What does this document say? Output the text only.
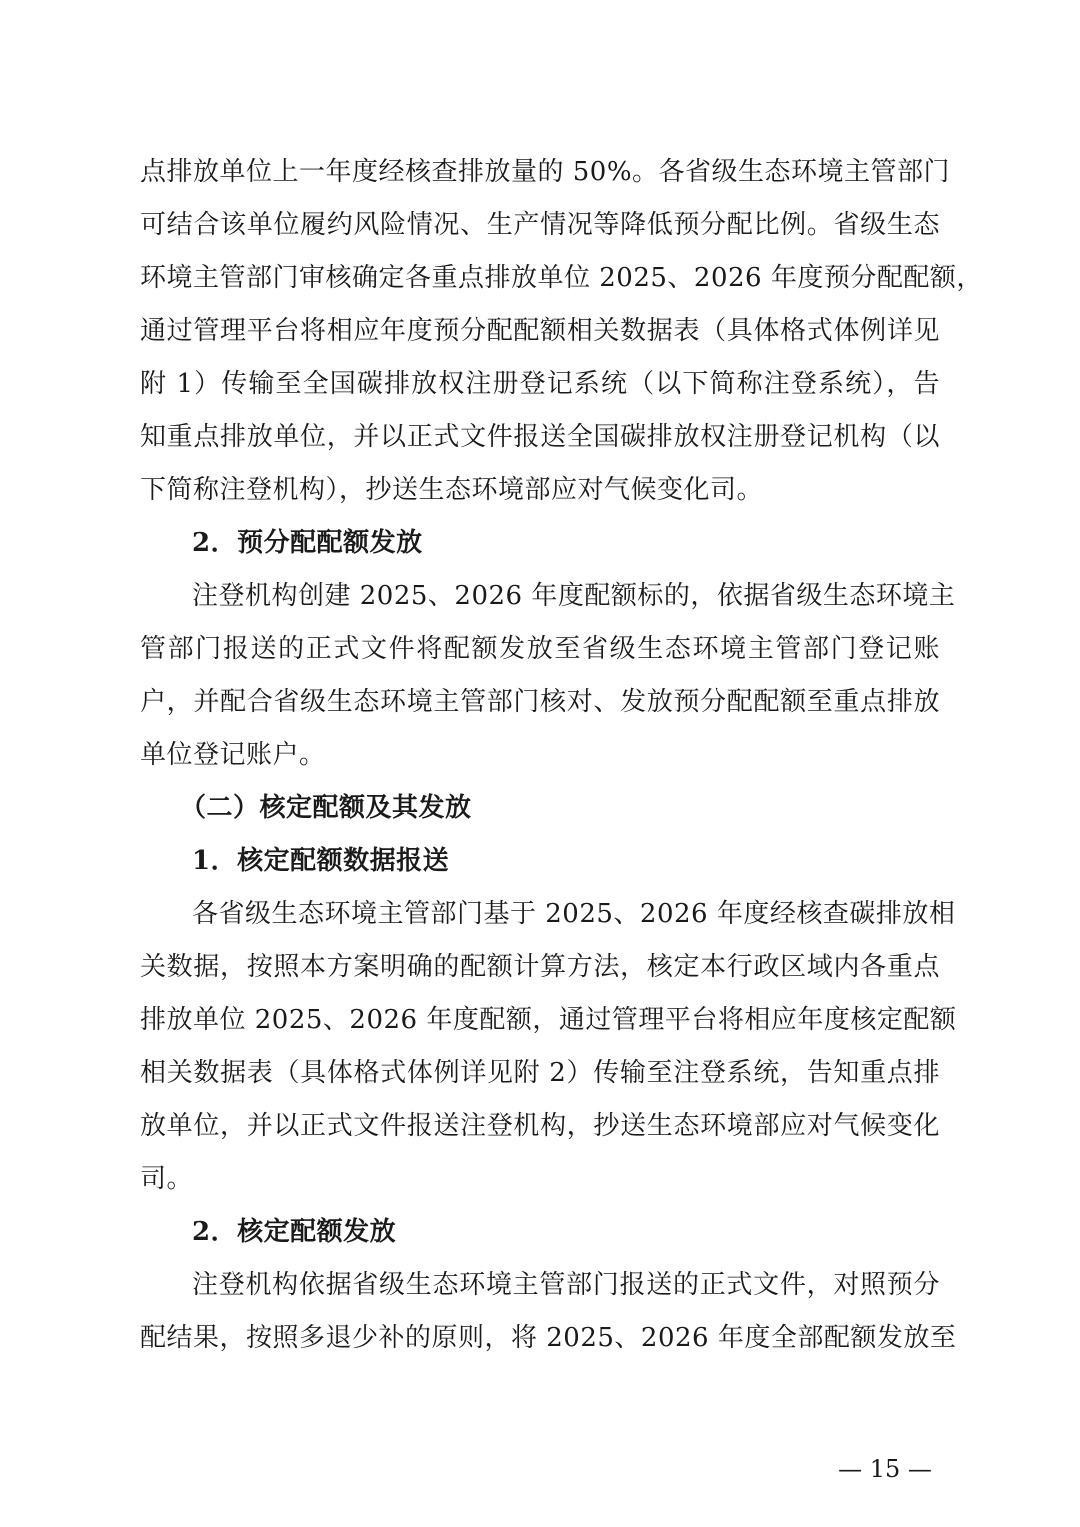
点排放单位上一年度经核查排放量的 50%。各省级生态环境主管部门
可结合该单位履约风险情况、生产情况等降低预分配比例。省级生态
环境主管部门审核确定各重点排放单位 2025、2026 年度预分配配额，
通过管理平台将相应年度预分配配额相关数据表（具体格式体例详见
附 1）传输至全国碳排放权注册登记系统（以下简称注登系统），告
知重点排放单位，并以正式文件报送全国碳排放权注册登记机构（以
下简称注登机构），抄送生态环境部应对气候变化司。
2．预分配配额发放
注登机构创建 2025、2026 年度配额标的，依据省级生态环境主
管部门报送的正式文件将配额发放至省级生态环境主管部门登记账
户，并配合省级生态环境主管部门核对、发放预分配配额至重点排放
单位登记账户。
（二）核定配额及其发放
1．核定配额数据报送
各省级生态环境主管部门基于 2025、2026 年度经核查碳排放相
关数据，按照本方案明确的配额计算方法，核定本行政区域内各重点
排放单位 2025、2026 年度配额，通过管理平台将相应年度核定配额
相关数据表（具体格式体例详见附 2）传输至注登系统，告知重点排
放单位，并以正式文件报送注登机构，抄送生态环境部应对气候变化
司。
2．核定配额发放
注登机构依据省级生态环境主管部门报送的正式文件，对照预分
配结果，按照多退少补的原则，将 2025、2026 年度全部配额发放至
— 15 —
